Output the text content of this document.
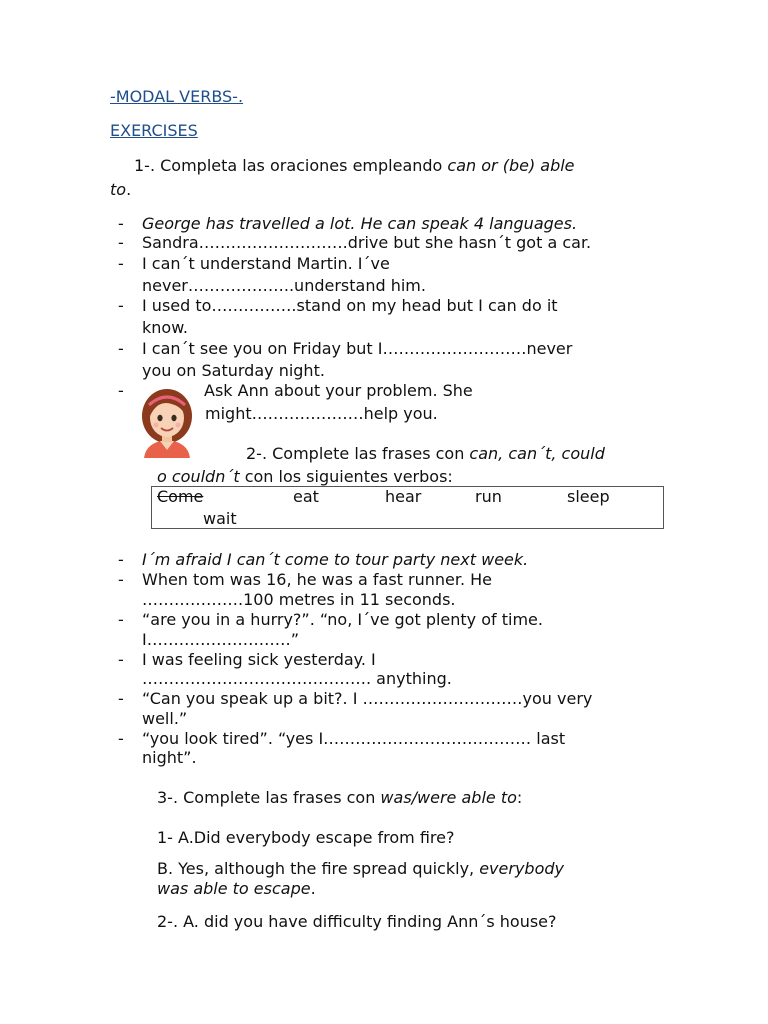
-MODAL VERBS-.
EXERCISES
1-. Completa las oraciones empleando can or (be) able
to.
- George has travelled a lot. He can speak 4 languages.
- Sandra……………………….drive but she hasn´t got a car.
- I can´t understand Martin. I´ve
never………………..understand him.
- I used to…………….stand on my head but I can do it
know.
- I can´t see you on Friday but I………………………never
you on Saturday night.
-	Ask Ann about your problem. She
might…………………help you.
2-. Complete las frases con can, can´t, could
o couldn´t con los siguientes verbos:
Come	eat	hear	run	sleep
wait
- I´m afraid I can´t come to tour party next week.
- When tom was 16, he was a fast runner. He
……………….100 metres in 11 seconds.
- “are you in a hurry?”. “no, I´ve got plenty of time.
I………………………”
- I was feeling sick yesterday. I
……………………………………. anything.
- “Can you speak up a bit?. I …………………………you very
well.”
- “you look tired”. “yes I………………………………… last
night”.
3-. Complete las frases con was/were able to:
1- A.Did everybody escape from fire?
B. Yes, although the fire spread quickly, everybody
was able to escape.
2-. A. did you have difficulty finding Ann´s house?
